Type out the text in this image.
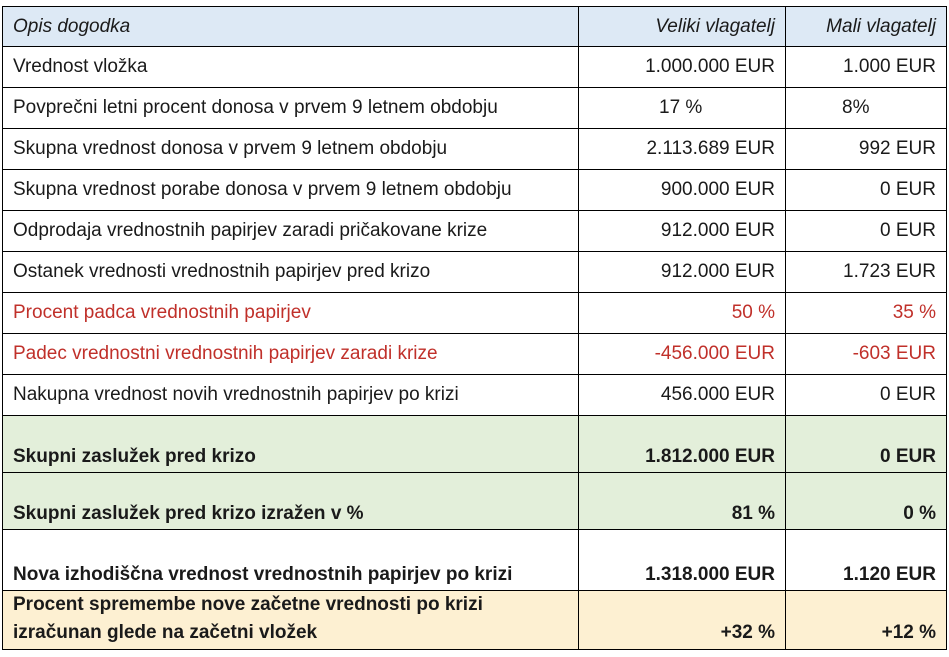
Opis dogodka	Veliki vlagatelj	Mali vlagatelj
Vrednost vložka	1.000.000 EUR	1.000 EUR
Povprečni letni procent donosa v prvem 9 letnem obdobju	17 %	8%
Skupna vrednost donosa v prvem 9 letnem obdobju	2.113.689 EUR	992 EUR
Skupna vrednost porabe donosa v prvem 9 letnem obdobju	900.000 EUR	0 EUR
Odprodaja vrednostnih papirjev zaradi pričakovane krize	912.000 EUR	0 EUR
Ostanek vrednosti vrednostnih papirjev pred krizo	912.000 EUR	1.723 EUR
Procent padca vrednostnih papirjev	50 %	35 %
Padec vrednostni vrednostnih papirjev zaradi krize	-456.000 EUR	-603 EUR
Nakupna vrednost novih vrednostnih papirjev po krizi	456.000 EUR	0 EUR
Skupni zaslužek pred krizo	1.812.000 EUR	0 EUR
Skupni zaslužek pred krizo izražen v %	81 %	0 %
Nova izhodiščna vrednost vrednostnih papirjev po krizi	1.318.000 EUR	1.120 EUR

Procent spremembe nove začetne vrednosti po krizi
izračunan glede na začetni vložek	+32 %	+12 %
